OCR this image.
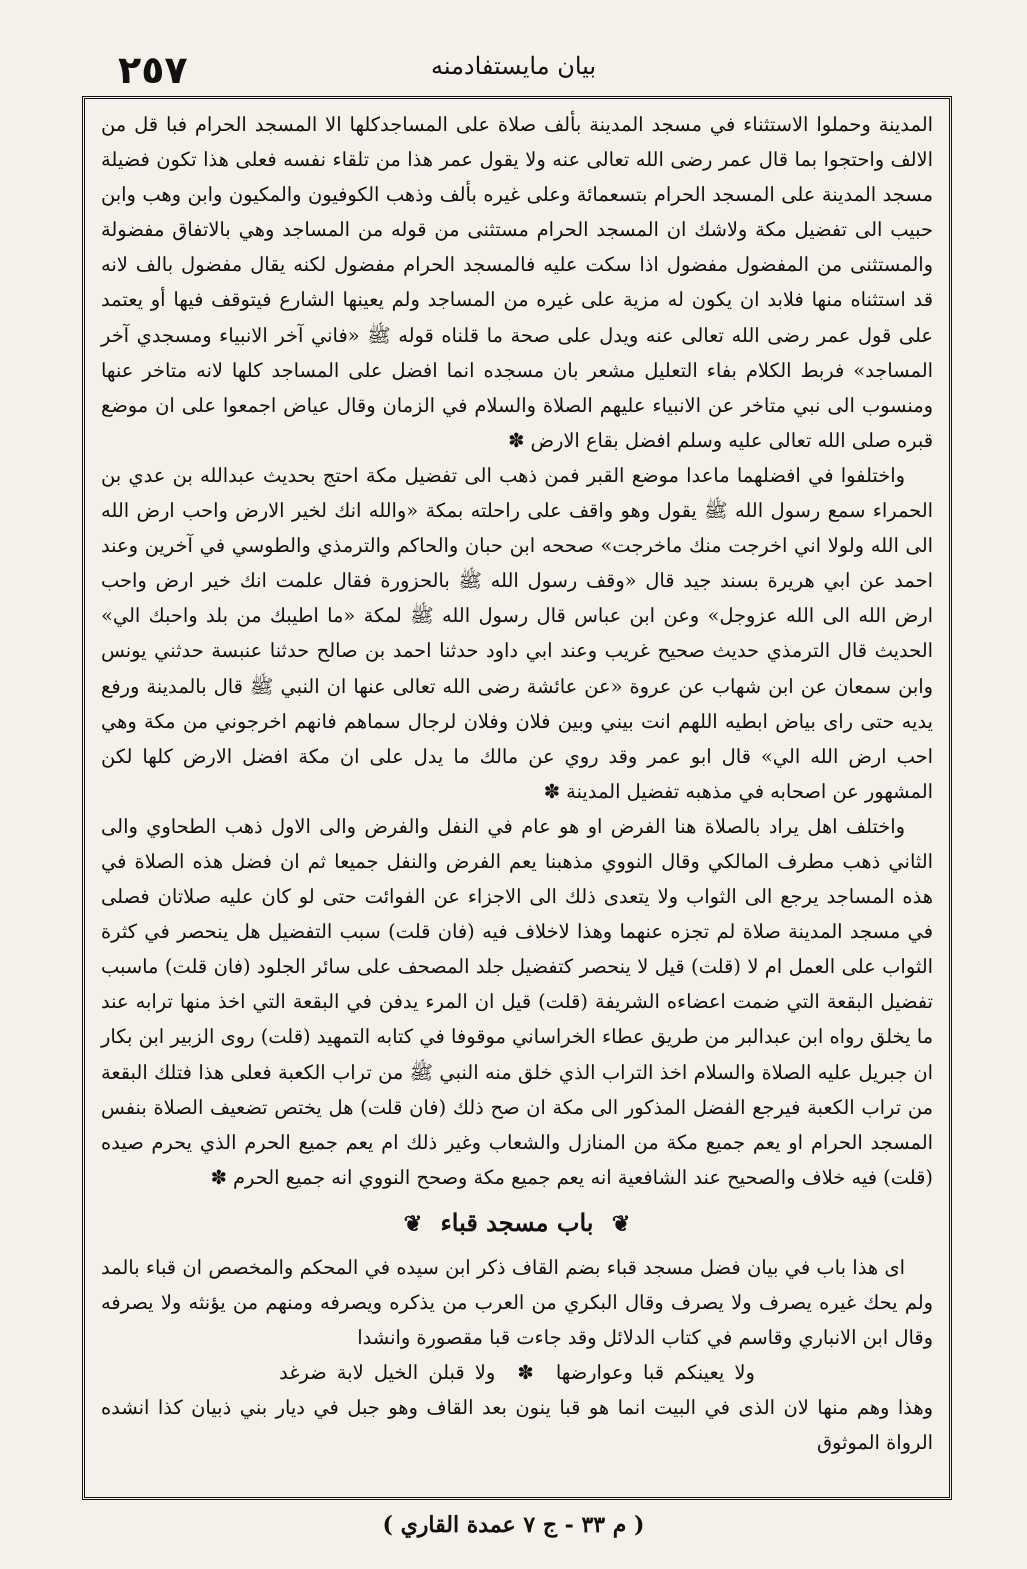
٢٥٧	بيان مايستفادمنه

المدينة وحملوا الاستثناء في مسجد المدينة بألف صلاة على المساجدكلها الا المسجد الحرام فبا قل من الالف واحتجوا بما قال عمر رضى الله تعالى عنه ولا يقول عمر هذا من تلقاء نفسه فعلى هذا تكون فضيلة مسجد المدينة على المسجد الحرام بتسعمائة وعلى غيره بألف وذهب الكوفيون والمكيون وابن وهب وابن حبيب الى تفضيل مكة ولاشك ان المسجد الحرام مستثنى من قوله من المساجد وهي بالاتفاق مفضولة والمستثنى من المفضول مفضول اذا سكت عليه فالمسجد الحرام مفضول لكنه يقال مفضول بالف لانه قد استثناه منها فلابد ان يكون له مزية على غيره من المساجد ولم يعينها الشارع فيتوقف فيها أو يعتمد على قول عمر رضى الله تعالى عنه ويدل على صحة ما قلناه قوله ﷺ «فاني آخر الانبياء ومسجدي آخر المساجد» فربط الكلام بفاء التعليل مشعر بان مسجده انما افضل على المساجد كلها لانه متاخر عنها ومنسوب الى نبي متاخر عن الانبياء عليهم الصلاة والسلام في الزمان وقال عياض اجمعوا على ان موضع قبره صلى الله تعالى عليه وسلم افضل بقاع الارض ✽

واختلفوا في افضلهما ماعدا موضع القبر فمن ذهب الى تفضيل مكة احتج بحديث عبدالله بن عدي بن الحمراء سمع رسول الله ﷺ يقول وهو واقف على راحلته بمكة «والله انك لخير الارض واحب ارض الله الى الله ولولا اني اخرجت منك ماخرجت» صححه ابن حبان والحاكم والترمذي والطوسي في آخرين وعند احمد عن ابي هريرة بسند جيد قال «وقف رسول الله ﷺ بالحزورة فقال علمت انك خير ارض واحب ارض الله الى الله عزوجل» وعن ابن عباس قال رسول الله ﷺ لمكة «ما اطيبك من بلد واحبك الي» الحديث قال الترمذي حديث صحيح غريب وعند ابي داود حدثنا احمد بن صالح حدثنا عنبسة حدثني يونس وابن سمعان عن ابن شهاب عن عروة «عن عائشة رضى الله تعالى عنها ان النبي ﷺ قال بالمدينة ورفع يديه حتى راى بياض ابطيه اللهم انت بيني وبين فلان وفلان لرجال سماهم فانهم اخرجوني من مكة وهي احب ارض الله الي» قال ابو عمر وقد روي عن مالك ما يدل على ان مكة افضل الارض كلها لكن المشهور عن اصحابه في مذهبه تفضيل المدينة ✽

واختلف اهل يراد بالصلاة هنا الفرض او هو عام في النفل والفرض والى الاول ذهب الطحاوي والى الثاني ذهب مطرف المالكي وقال النووي مذهبنا يعم الفرض والنفل جميعا ثم ان فضل هذه الصلاة في هذه المساجد يرجع الى الثواب ولا يتعدى ذلك الى الاجزاء عن الفوائت حتى لو كان عليه صلاتان فصلى في مسجد المدينة صلاة لم تجزه عنهما وهذا لاخلاف فيه (فان قلت) سبب التفضيل هل ينحصر في كثرة الثواب على العمل ام لا (قلت) قيل لا ينحصر كتفضيل جلد المصحف على سائر الجلود (فان قلت) ماسبب تفضيل البقعة التي ضمت اعضاءه الشريفة (قلت) قيل ان المرء يدفن في البقعة التي اخذ منها ترابه عند ما يخلق رواه ابن عبدالبر من طريق عطاء الخراساني موقوفا في كتابه التمهيد (قلت) روى الزبير ابن بكار ان جبريل عليه الصلاة والسلام اخذ التراب الذي خلق منه النبي ﷺ من تراب الكعبة فعلى هذا فتلك البقعة من تراب الكعبة فيرجع الفضل المذكور الى مكة ان صح ذلك (فان قلت) هل يختص تضعيف الصلاة بنفس المسجد الحرام او يعم جميع مكة من المنازل والشعاب وغير ذلك ام يعم جميع الحرم الذي يحرم صيده (قلت) فيه خلاف والصحيح عند الشافعية انه يعم جميع مكة وصحح النووي انه جميع الحرم ✽

❦ باب مسجد قباء ❦

اى هذا باب في بيان فضل مسجد قباء بضم القاف ذكر ابن سيده في المحكم والمخصص ان قباء بالمد ولم يحك غيره يصرف ولا يصرف وقال البكري من العرب من يذكره ويصرفه ومنهم من يؤنثه ولا يصرفه وقال ابن الانباري وقاسم في كتاب الدلائل وقد جاءت قبا مقصورة وانشدا

ولا يعينكم قبا وعوارضها ✽ ولا قبلن الخيل لابة ضرغد

وهذا وهم منها لان الذى في البيت انما هو قبا ينون بعد القاف وهو جبل في ديار بني ذبيان كذا انشده الرواة الموثوق

( م ٣٣ - ج ٧ عمدة القاري )
